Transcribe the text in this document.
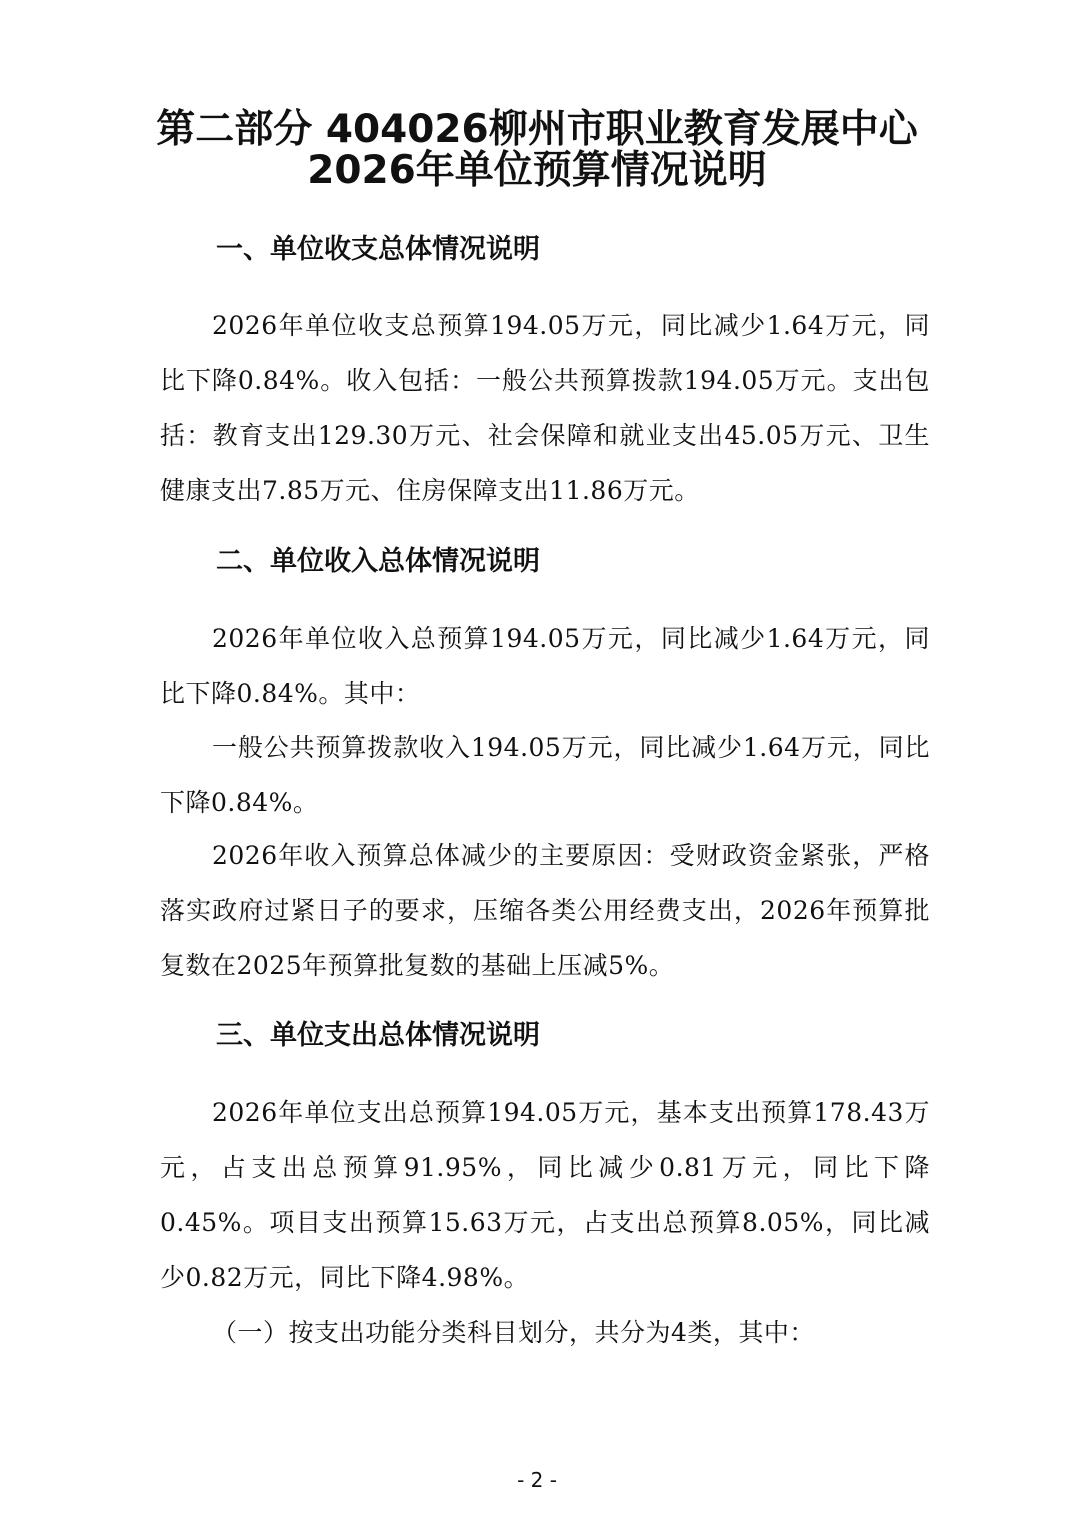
第二部分 404026柳州市职业教育发展中心
2026年单位预算情况说明
一、单位收支总体情况说明

2026年单位收支总预算194.05万元，同比减少1.64万元，同比下降0.84%。收入包括：一般公共预算拨款194.05万元。支出包括：教育支出129.30万元、社会保障和就业支出45.05万元、卫生健康支出7.85万元、住房保障支出11.86万元。

二、单位收入总体情况说明

2026年单位收入总预算194.05万元，同比减少1.64万元，同比下降0.84%。其中：

一般公共预算拨款收入194.05万元，同比减少1.64万元，同比下降0.84%。

2026年收入预算总体减少的主要原因：受财政资金紧张，严格落实政府过紧日子的要求，压缩各类公用经费支出，2026年预算批复数在2025年预算批复数的基础上压减5%。

三、单位支出总体情况说明

2026年单位支出总预算194.05万元，基本支出预算178.43万元，占支出总预算91.95%，同比减少0.81万元，同比下降0.45%。项目支出预算15.63万元，占支出总预算8.05%，同比减少0.82万元，同比下降4.98%。

（一）按支出功能分类科目划分，共分为4类，其中：

- 2 -
